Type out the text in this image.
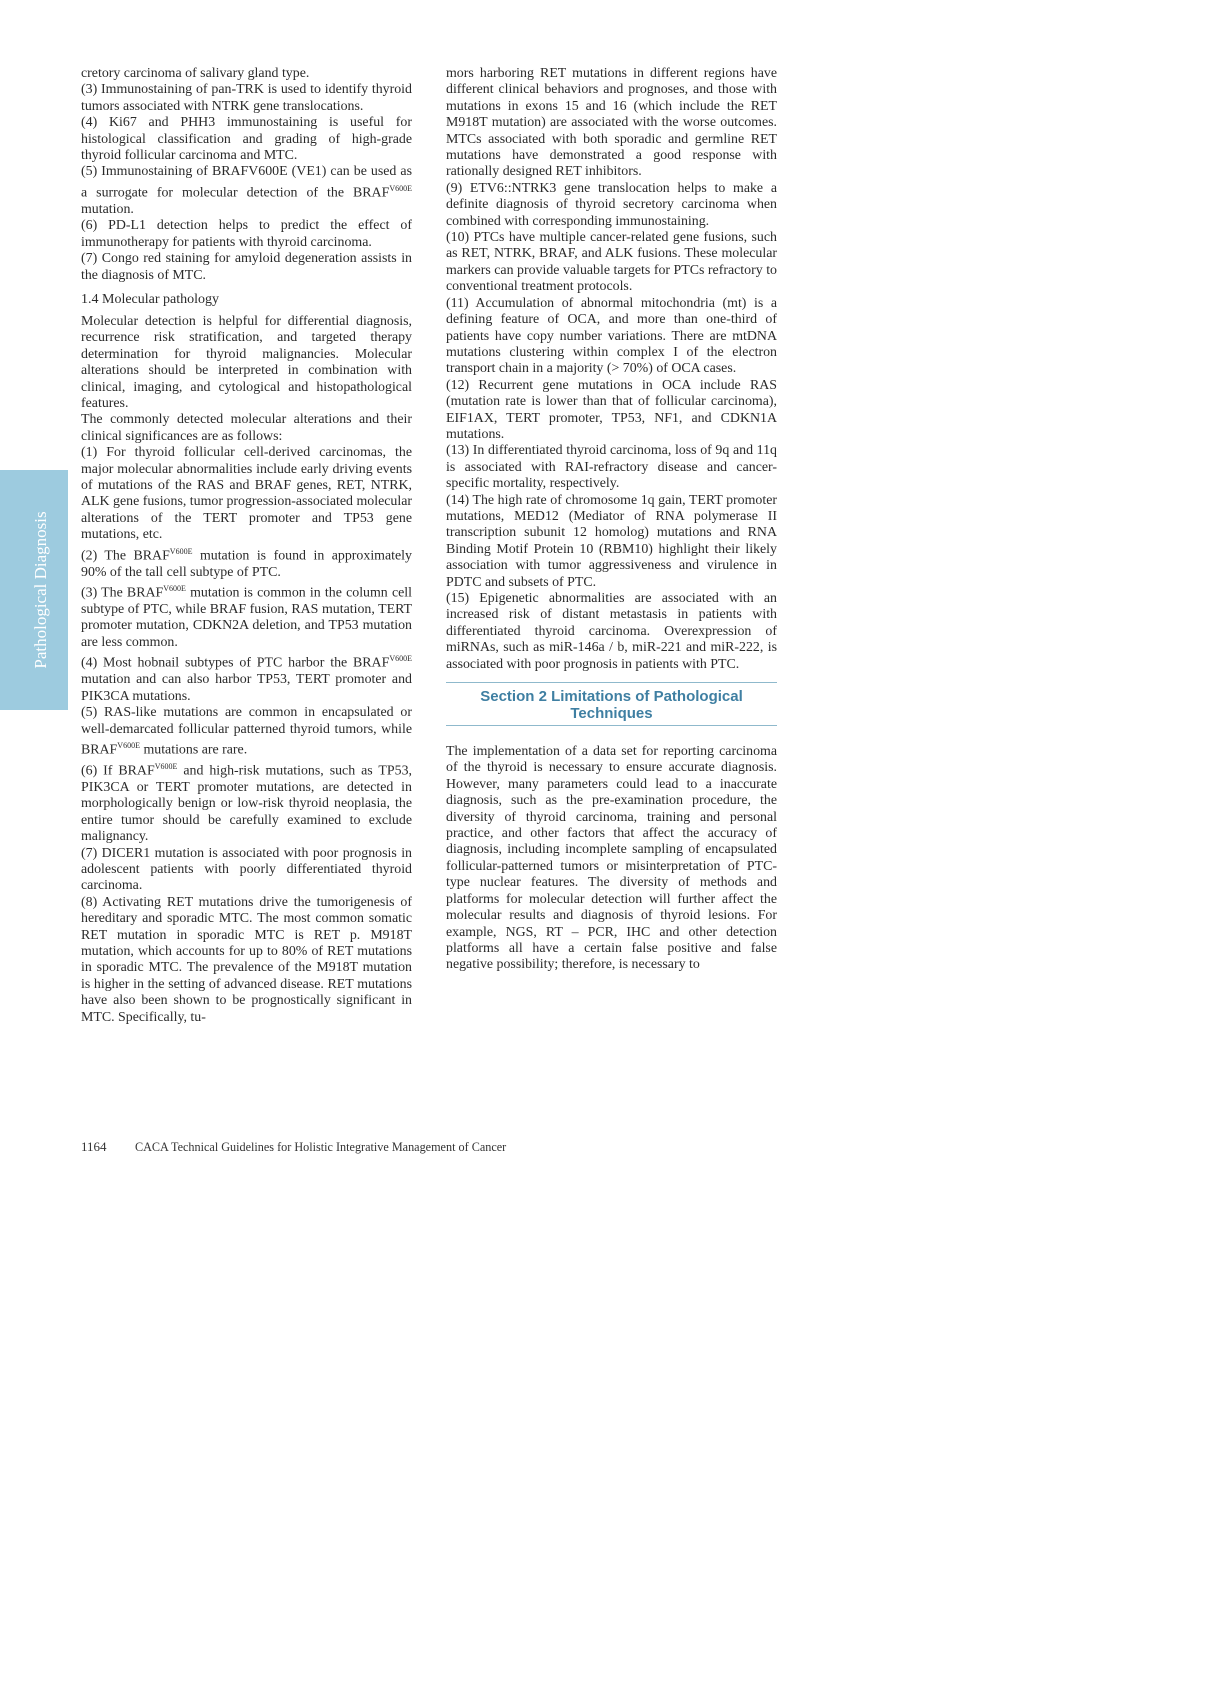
Pathological Diagnosis

cretory carcinoma of salivary gland type.

(3) Immunostaining of pan-TRK is used to identify thyroid tumors associated with NTRK gene translocations.

(4) Ki67 and PHH3 immunostaining is useful for histological classification and grading of high-grade thyroid follicular carcinoma and MTC.

(5) Immunostaining of BRAFV600E (VE1) can be used as a surrogate for molecular detection of the $BRAF^{V600E}$ mutation.

(6) PD-L1 detection helps to predict the effect of immunotherapy for patients with thyroid carcinoma.

(7) Congo red staining for amyloid degeneration assists in the diagnosis of MTC.

1.4 Molecular pathology

Molecular detection is helpful for differential diagnosis, recurrence risk stratification, and targeted therapy determination for thyroid malignancies. Molecular alterations should be interpreted in combination with clinical, imaging, and cytological and histopathological features.

The commonly detected molecular alterations and their clinical significances are as follows:

(1) For thyroid follicular cell-derived carcinomas, the major molecular abnormalities include early driving events of mutations of the RAS and BRAF genes, RET, NTRK, ALK gene fusions, tumor progression-associated molecular alterations of the TERT promoter and TP53 gene mutations, etc.

(2) The $BRAF^{V600E}$ mutation is found in approximately 90% of the tall cell subtype of PTC.

(3) The $BRAF^{V600E}$ mutation is common in the column cell subtype of PTC, while BRAF fusion, RAS mutation, TERT promoter mutation, CDKN2A deletion, and TP53 mutation are less common.

(4) Most hobnail subtypes of PTC harbor the $BRAF^{V600E}$ mutation and can also harbor TP53, TERT promoter and PIK3CA mutations.

(5) RAS-like mutations are common in encapsulated or well-demarcated follicular patterned thyroid tumors, while $BRAF^{V600E}$ mutations are rare.

(6) If $BRAF^{V600E}$ and high-risk mutations, such as TP53, PIK3CA or TERT promoter mutations, are detected in morphologically benign or low-risk thyroid neoplasia, the entire tumor should be carefully examined to exclude malignancy.

(7) DICER1 mutation is associated with poor prognosis in adolescent patients with poorly differentiated thyroid carcinoma.

(8) Activating RET mutations drive the tumorigenesis of hereditary and sporadic MTC. The most common somatic RET mutation in sporadic MTC is RET p. M918T mutation, which accounts for up to 80% of RET mutations in sporadic MTC. The prevalence of the M918T mutation is higher in the setting of advanced disease. RET mutations have also been shown to be prognostically significant in MTC. Specifically, tu-

mors harboring RET mutations in different regions have different clinical behaviors and prognoses, and those with mutations in exons 15 and 16 (which include the RET M918T mutation) are associated with the worse outcomes. MTCs associated with both sporadic and germline RET mutations have demonstrated a good response with rationally designed RET inhibitors.

(9) ETV6::NTRK3 gene translocation helps to make a definite diagnosis of thyroid secretory carcinoma when combined with corresponding immunostaining.

(10) PTCs have multiple cancer-related gene fusions, such as RET, NTRK, BRAF, and ALK fusions. These molecular markers can provide valuable targets for PTCs refractory to conventional treatment protocols.

(11) Accumulation of abnormal mitochondria (mt) is a defining feature of OCA, and more than one-third of patients have copy number variations. There are mtDNA mutations clustering within complex I of the electron transport chain in a majority (> 70%) of OCA cases.

(12) Recurrent gene mutations in OCA include RAS (mutation rate is lower than that of follicular carcinoma), EIF1AX, TERT promoter, TP53, NF1, and CDKN1A mutations.

(13) In differentiated thyroid carcinoma, loss of 9q and 11q is associated with RAI-refractory disease and cancer-specific mortality, respectively.

(14) The high rate of chromosome 1q gain, TERT promoter mutations, MED12 (Mediator of RNA polymerase II transcription subunit 12 homolog) mutations and RNA Binding Motif Protein 10 (RBM10) highlight their likely association with tumor aggressiveness and virulence in PDTC and subsets of PTC.

(15) Epigenetic abnormalities are associated with an increased risk of distant metastasis in patients with differentiated thyroid carcinoma. Overexpression of miRNAs, such as miR-146a / b, miR-221 and miR-222, is associated with poor prognosis in patients with PTC.

Section 2 Limitations of Pathological Techniques

The implementation of a data set for reporting carcinoma of the thyroid is necessary to ensure accurate diagnosis. However, many parameters could lead to a inaccurate diagnosis, such as the pre-examination procedure, the diversity of thyroid carcinoma, training and personal practice, and other factors that affect the accuracy of diagnosis, including incomplete sampling of encapsulated follicular-patterned tumors or misinterpretation of PTC-type nuclear features. The diversity of methods and platforms for molecular detection will further affect the molecular results and diagnosis of thyroid lesions. For example, NGS, RT – PCR, IHC and other detection platforms all have a certain false positive and false negative possibility; therefore, is necessary to

1164 CACA Technical Guidelines for Holistic Integrative Management of Cancer
